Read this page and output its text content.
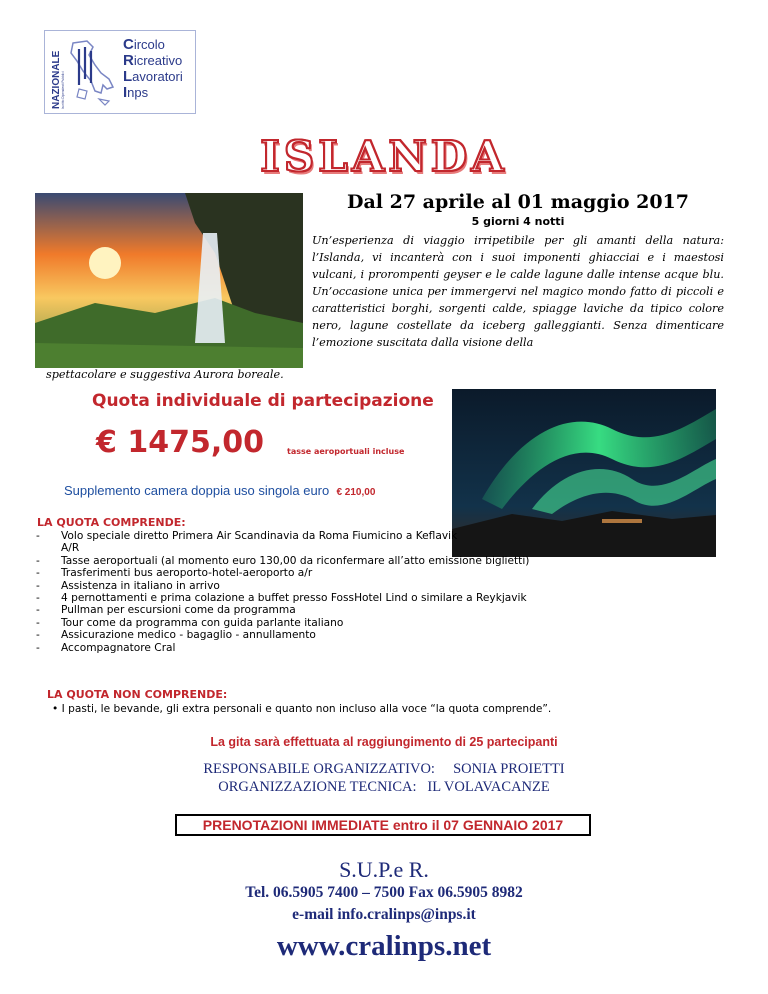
NAZIONALE Iscritto Dipendenti Pubblici
Circolo
Ricreativo
Lavoratori
Inps
ISLANDA
Dal 27 aprile al 01 maggio 2017
5 giorni 4 notti
Un’esperienza di viaggio irripetibile per gli amanti della natura: l’Islanda, vi incanterà con i suoi imponenti ghiacciai e i maestosi vulcani, i prorompenti geyser e le calde lagune dalle intense acque blu. Un’occasione unica per immergervi nel magico mondo fatto di piccoli e caratteristici borghi, sorgenti calde, spiagge laviche da tipico colore nero, lagune costellate da iceberg galleggianti. Senza dimenticare l’emozione suscitata dalla visione della
spettacolare e suggestiva Aurora boreale.
Quota individuale di partecipazione
€ 1475,00	tasse aeroportuali incluse
Supplemento camera doppia uso singola euro € 210,00
LA QUOTA COMPRENDE:
- Volo speciale diretto Primera Air Scandinavia da Roma Fiumicino a Keflavik A/R
- Tasse aeroportuali (al momento euro 130,00 da riconfermare all’atto emissione biglietti)
- Trasferimenti bus aeroporto-hotel-aeroporto a/r
- Assistenza in italiano in arrivo
- 4 pernottamenti e prima colazione a buffet presso FossHotel Lind o similare a Reykjavik
- Pullman per escursioni come da programma
- Tour come da programma con guida parlante italiano
- Assicurazione medico - bagaglio - annullamento
- Accompagnatore Cral
LA QUOTA NON COMPRENDE:
• I pasti, le bevande, gli extra personali e quanto non incluso alla voce “la quota comprende”.
La gita sarà effettuata al raggiungimento di 25 partecipanti
RESPONSABILE ORGANIZZATIVO:     SONIA PROIETTI
ORGANIZZAZIONE TECNICA:   IL VOLAVACANZE
PRENOTAZIONI IMMEDIATE entro il 07 GENNAIO 2017
S.U.P.e R.
Tel. 06.5905 7400 – 7500 Fax 06.5905 8982
e-mail info.cralinps@inps.it
www.cralinps.net
